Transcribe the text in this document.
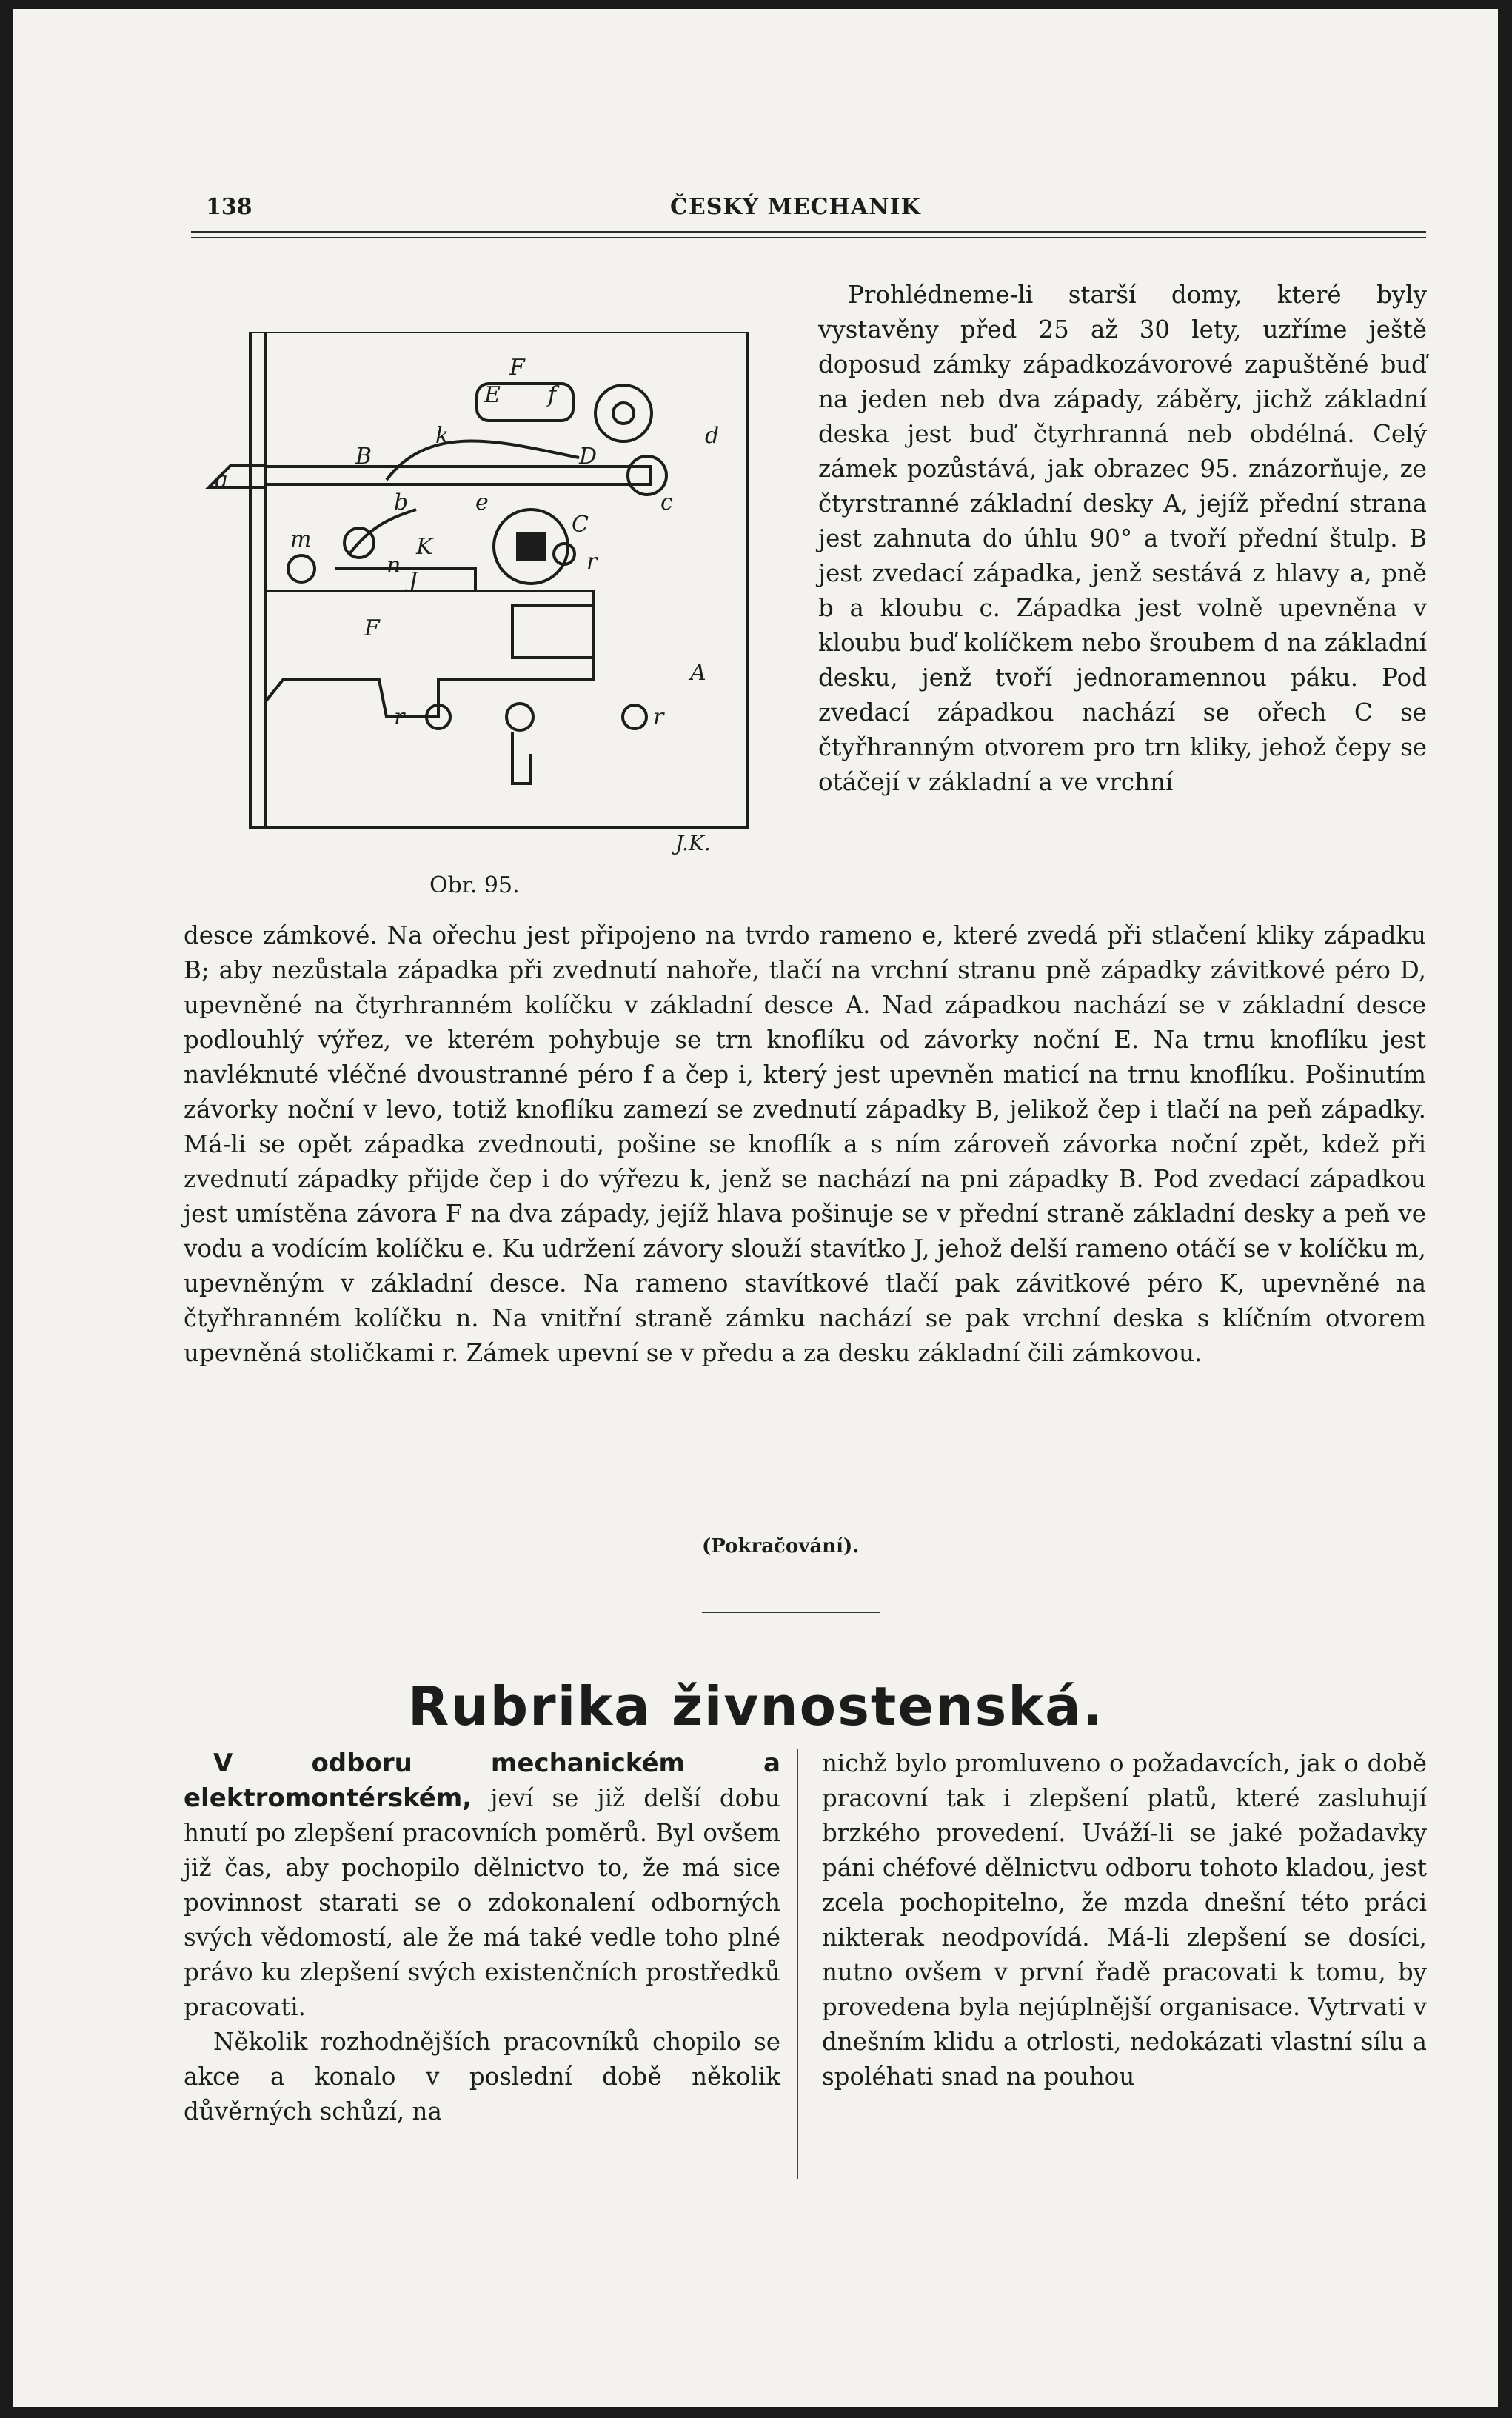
138	ČESKÝ MECHANIK
F
E f
k
D
d
B
a
b	e	c
C
m
n
K
J
r
F
A
r	r
J.K.
Obr. 95.

Prohlédneme-li starší domy, které byly vystavěny před 25 až 30 lety, uzříme ještě doposud zámky západkozávorové zapuštěné buď na jeden neb dva západy, záběry, jichž základní deska jest buď čtyrhranná neb obdélná. Celý zámek pozůstává, jak obrazec 95. znázorňuje, ze čtyrstranné základní desky A, jejíž přední strana jest zahnuta do úhlu 90° a tvoří přední štulp. B jest zvedací západka, jenž sestává z hlavy a, pně b a kloubu c. Západka jest volně upevněna v kloubu buď kolíčkem nebo šroubem d na základní desku, jenž tvoří jednoramennou páku. Pod zvedací západkou nachází se ořech C se čtyřhranným otvorem pro trn kliky, jehož čepy se otáčejí v základní a ve vrchní

desce zámkové. Na ořechu jest připojeno na tvrdo rameno e, které zvedá při stlačení kliky západku B; aby nezůstala západka při zvednutí nahoře, tlačí na vrchní stranu pně západky závitkové péro D, upevněné na čtyrhranném kolíčku v základní desce A. Nad západkou nachází se v základní desce podlouhlý výřez, ve kterém pohybuje se trn knoflíku od závorky noční E. Na trnu knoflíku jest navléknuté vléčné dvoustranné péro f a čep i, který jest upevněn maticí na trnu knoflíku. Pošinutím závorky noční v levo, totiž knoflíku zamezí se zvednutí západky B, jelikož čep i tlačí na peň západky. Má-li se opět západka zvednouti, pošine se knoflík a s ním zároveň závorka noční zpět, kdež při zvednutí západky přijde čep i do výřezu k, jenž se nachází na pni západky B. Pod zvedací západkou jest umístěna závora F na dva západy, jejíž hlava pošinuje se v přední straně základní desky a peň ve vodu a vodícím kolíčku e. Ku udržení závory slouží stavítko J, jehož delší rameno otáčí se v kolíčku m, upevněným v základní desce. Na rameno stavítkové tlačí pak závitkové péro K, upevněné na čtyřhranném kolíčku n. Na vnitřní straně zámku nachází se pak vrchní deska s klíčním otvorem upevněná stoličkami r. Zámek upevní se v předu a za desku základní čili zámkovou.

(Pokračování).
Rubrika živnostenská.

V odboru mechanickém a elektromontérském, jeví se již delší dobu hnutí po zlepšení pracovních poměrů. Byl ovšem již čas, aby pochopilo dělnictvo to, že má sice povinnost starati se o zdokonalení odborných svých vědomostí, ale že má také vedle toho plné právo ku zlepšení svých existenčních prostředků pracovati.

Několik rozhodnějších pracovníků chopilo se akce a konalo v poslední době několik důvěrných schůzí, na

nichž bylo promluveno o požadavcích, jak o době pracovní tak i zlepšení platů, které zasluhují brzkého provedení. Uváží-li se jaké požadavky páni chéfové dělnictvu odboru tohoto kladou, jest zcela pochopitelno, že mzda dnešní této práci nikterak neodpovídá. Má-li zlepšení se dosíci, nutno ovšem v první řadě pracovati k tomu, by provedena byla nejúplnější organisace. Vytrvati v dnešním klidu a otrlosti, nedokázati vlastní sílu a spoléhati snad na pouhou
